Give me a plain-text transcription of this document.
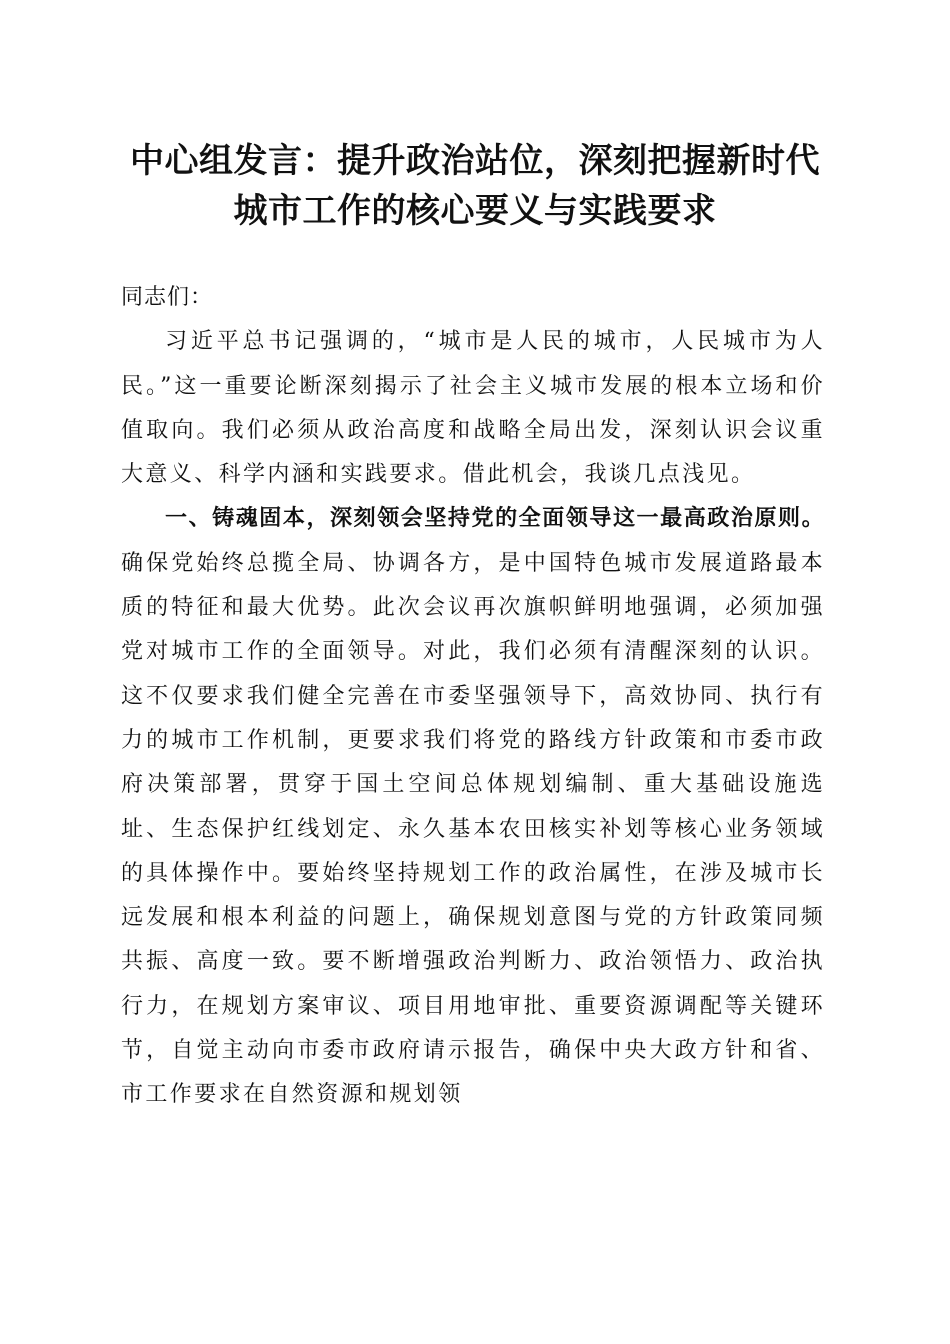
中心组发言：提升政治站位，深刻把握新时代
城市工作的核心要义与实践要求

同志们：

习近平总书记强调的，“城市是人民的城市，人民城市为人民。”这一重要论断深刻揭示了社会主义城市发展的根本立场和价值取向。我们必须从政治高度和战略全局出发，深刻认识会议重大意义、科学内涵和实践要求。借此机会，我谈几点浅见。

一、铸魂固本，深刻领会坚持党的全面领导这一最高政治原则。确保党始终总揽全局、协调各方，是中国特色城市发展道路最本质的特征和最大优势。此次会议再次旗帜鲜明地强调，必须加强党对城市工作的全面领导。对此，我们必须有清醒深刻的认识。这不仅要求我们健全完善在市委坚强领导下，高效协同、执行有力的城市工作机制，更要求我们将党的路线方针政策和市委市政府决策部署，贯穿于国土空间总体规划编制、重大基础设施选址、生态保护红线划定、永久基本农田核实补划等核心业务领域的具体操作中。要始终坚持规划工作的政治属性，在涉及城市长远发展和根本利益的问题上，确保规划意图与党的方针政策同频共振、高度一致。要不断增强政治判断力、政治领悟力、政治执行力，在规划方案审议、项目用地审批、重要资源调配等关键环节，自觉主动向市委市政府请示报告，确保中央大政方针和省、市工作要求在自然资源和规划领
